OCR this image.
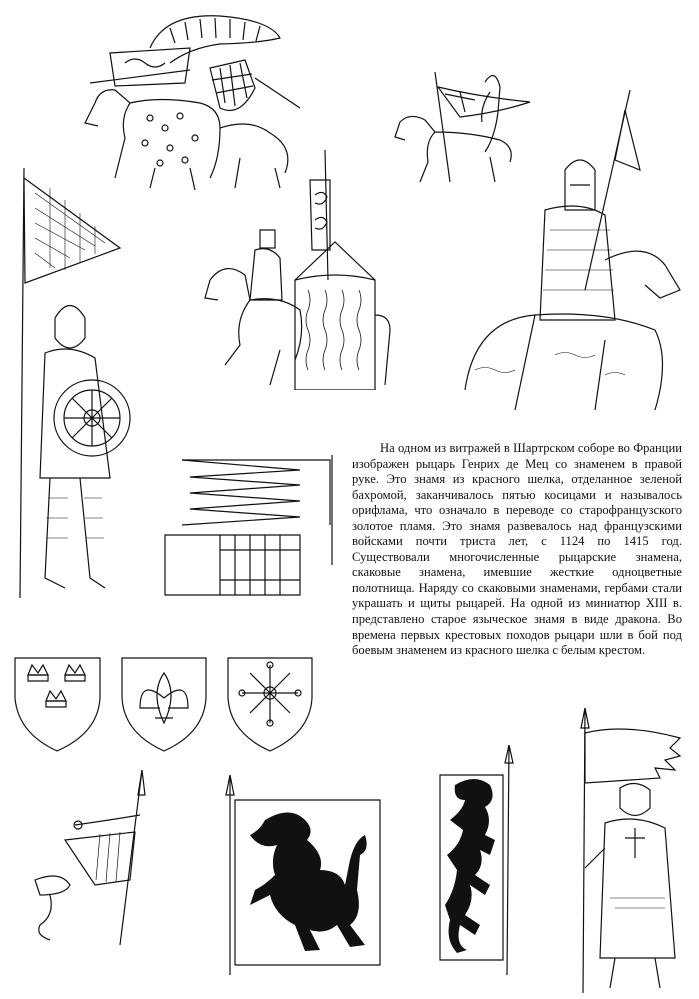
На одном из витражей в Шартрском соборе во Франции изображен рыцарь Генрих де Мец со знаменем в правой руке. Это знамя из красного шелка, отделанное зеленой бахромой, заканчивалось пятью косицами и называлось орифлама, что означало в переводе со старофранцузского золотое пламя. Это знамя развевалось над французскими войсками почти триста лет, с 1124 по 1415 год. Существовали многочисленные рыцарские знамена, скаковые знамена, имевшие жесткие одноцветные полотнища. Наряду со скаковыми знаменами, гербами стали украшать и щиты рыцарей. На одной из миниатюр XIII в. представлено старое языческое знамя в виде дракона. Во времена первых крестовых походов рыцари шли в бой под боевым знаменем из красного шелка с белым крестом.
